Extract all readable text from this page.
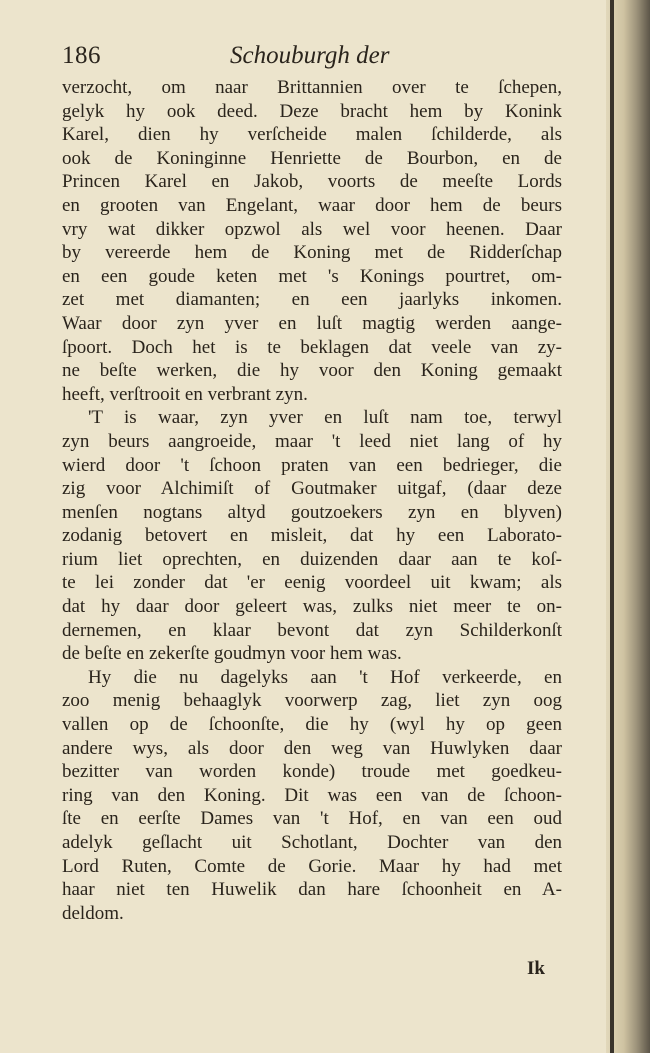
186	Schouburgh der
verzocht, om naar Brittannien over te ſchepen,
gelyk hy ook deed. Deze bracht hem by Konink
Karel, dien hy verſcheide malen ſchilderde, als
ook de Koninginne Henriette de Bourbon, en de
Princen Karel en Jakob, voorts de meeſte Lords
en grooten van Engelant, waar door hem de beurs
vry wat dikker opzwol als wel voor heenen. Daar
by vereerde hem de Koning met de Ridderſchap
en een goude keten met 's Konings pourtret, om-
zet met diamanten; en een jaarlyks inkomen.
Waar door zyn yver en luſt magtig werden aange-
ſpoort. Doch het is te beklagen dat veele van zy-
ne beſte werken, die hy voor den Koning gemaakt
heeft, verſtrooit en verbrant zyn.
'T is waar, zyn yver en luſt nam toe, terwyl
zyn beurs aangroeide, maar 't leed niet lang of hy
wierd door 't ſchoon praten van een bedrieger, die
zig voor Alchimiſt of Goutmaker uitgaf, (daar deze
menſen nogtans altyd goutzoekers zyn en blyven)
zodanig betovert en misleit, dat hy een Laborato-
rium liet oprechten, en duizenden daar aan te koſ-
te lei zonder dat 'er eenig voordeel uit kwam; als
dat hy daar door geleert was, zulks niet meer te on-
dernemen, en klaar bevont dat zyn Schilderkonſt
de beſte en zekerſte goudmyn voor hem was.
Hy die nu dagelyks aan 't Hof verkeerde, en
zoo menig behaaglyk voorwerp zag, liet zyn oog
vallen op de ſchoonſte, die hy (wyl hy op geen
andere wys, als door den weg van Huwlyken daar
bezitter van worden konde) troude met goedkeu-
ring van den Koning. Dit was een van de ſchoon-
ſte en eerſte Dames van 't Hof, en van een oud
adelyk geſlacht uit Schotlant, Dochter van den
Lord Ruten, Comte de Gorie. Maar hy had met
haar niet ten Huwelik dan hare ſchoonheit en A-
deldom.
Ik
